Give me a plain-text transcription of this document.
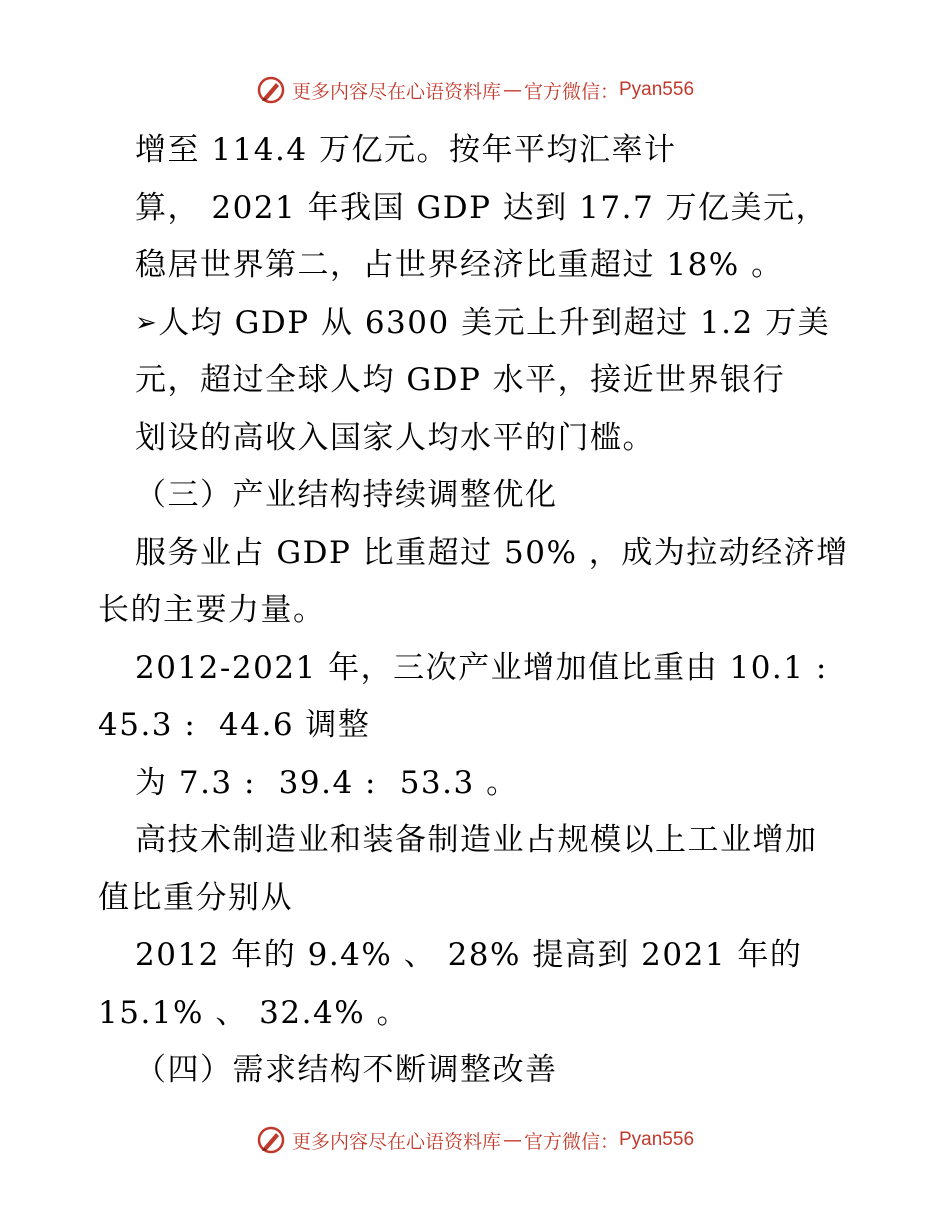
更多内容尽在心语资料库 — 官方微信： Pyan556
增至 114.4 万亿元。按年平均汇率计
算， 2021 年我国 GDP 达到 17.7 万亿美元，
稳居世界第二，占世界经济比重超过 18% 。
➢人均 GDP 从 6300 美元上升到超过 1.2 万美
元，超过全球人均 GDP 水平，接近世界银行
划设的高收入国家人均水平的门槛。
（三）产业结构持续调整优化
服务业占 GDP 比重超过 50% ，成为拉动经济增
长的主要力量。
2012-2021 年，三次产业增加值比重由 10.1 :
45.3 :  44.6 调整
为 7.3 :  39.4 :  53.3 。
高技术制造业和装备制造业占规模以上工业增加
值比重分别从
2012 年的 9.4% 、 28% 提高到 2021 年的
15.1% 、 32.4% 。
（四）需求结构不断调整改善
更多内容尽在心语资料库 — 官方微信： Pyan556
